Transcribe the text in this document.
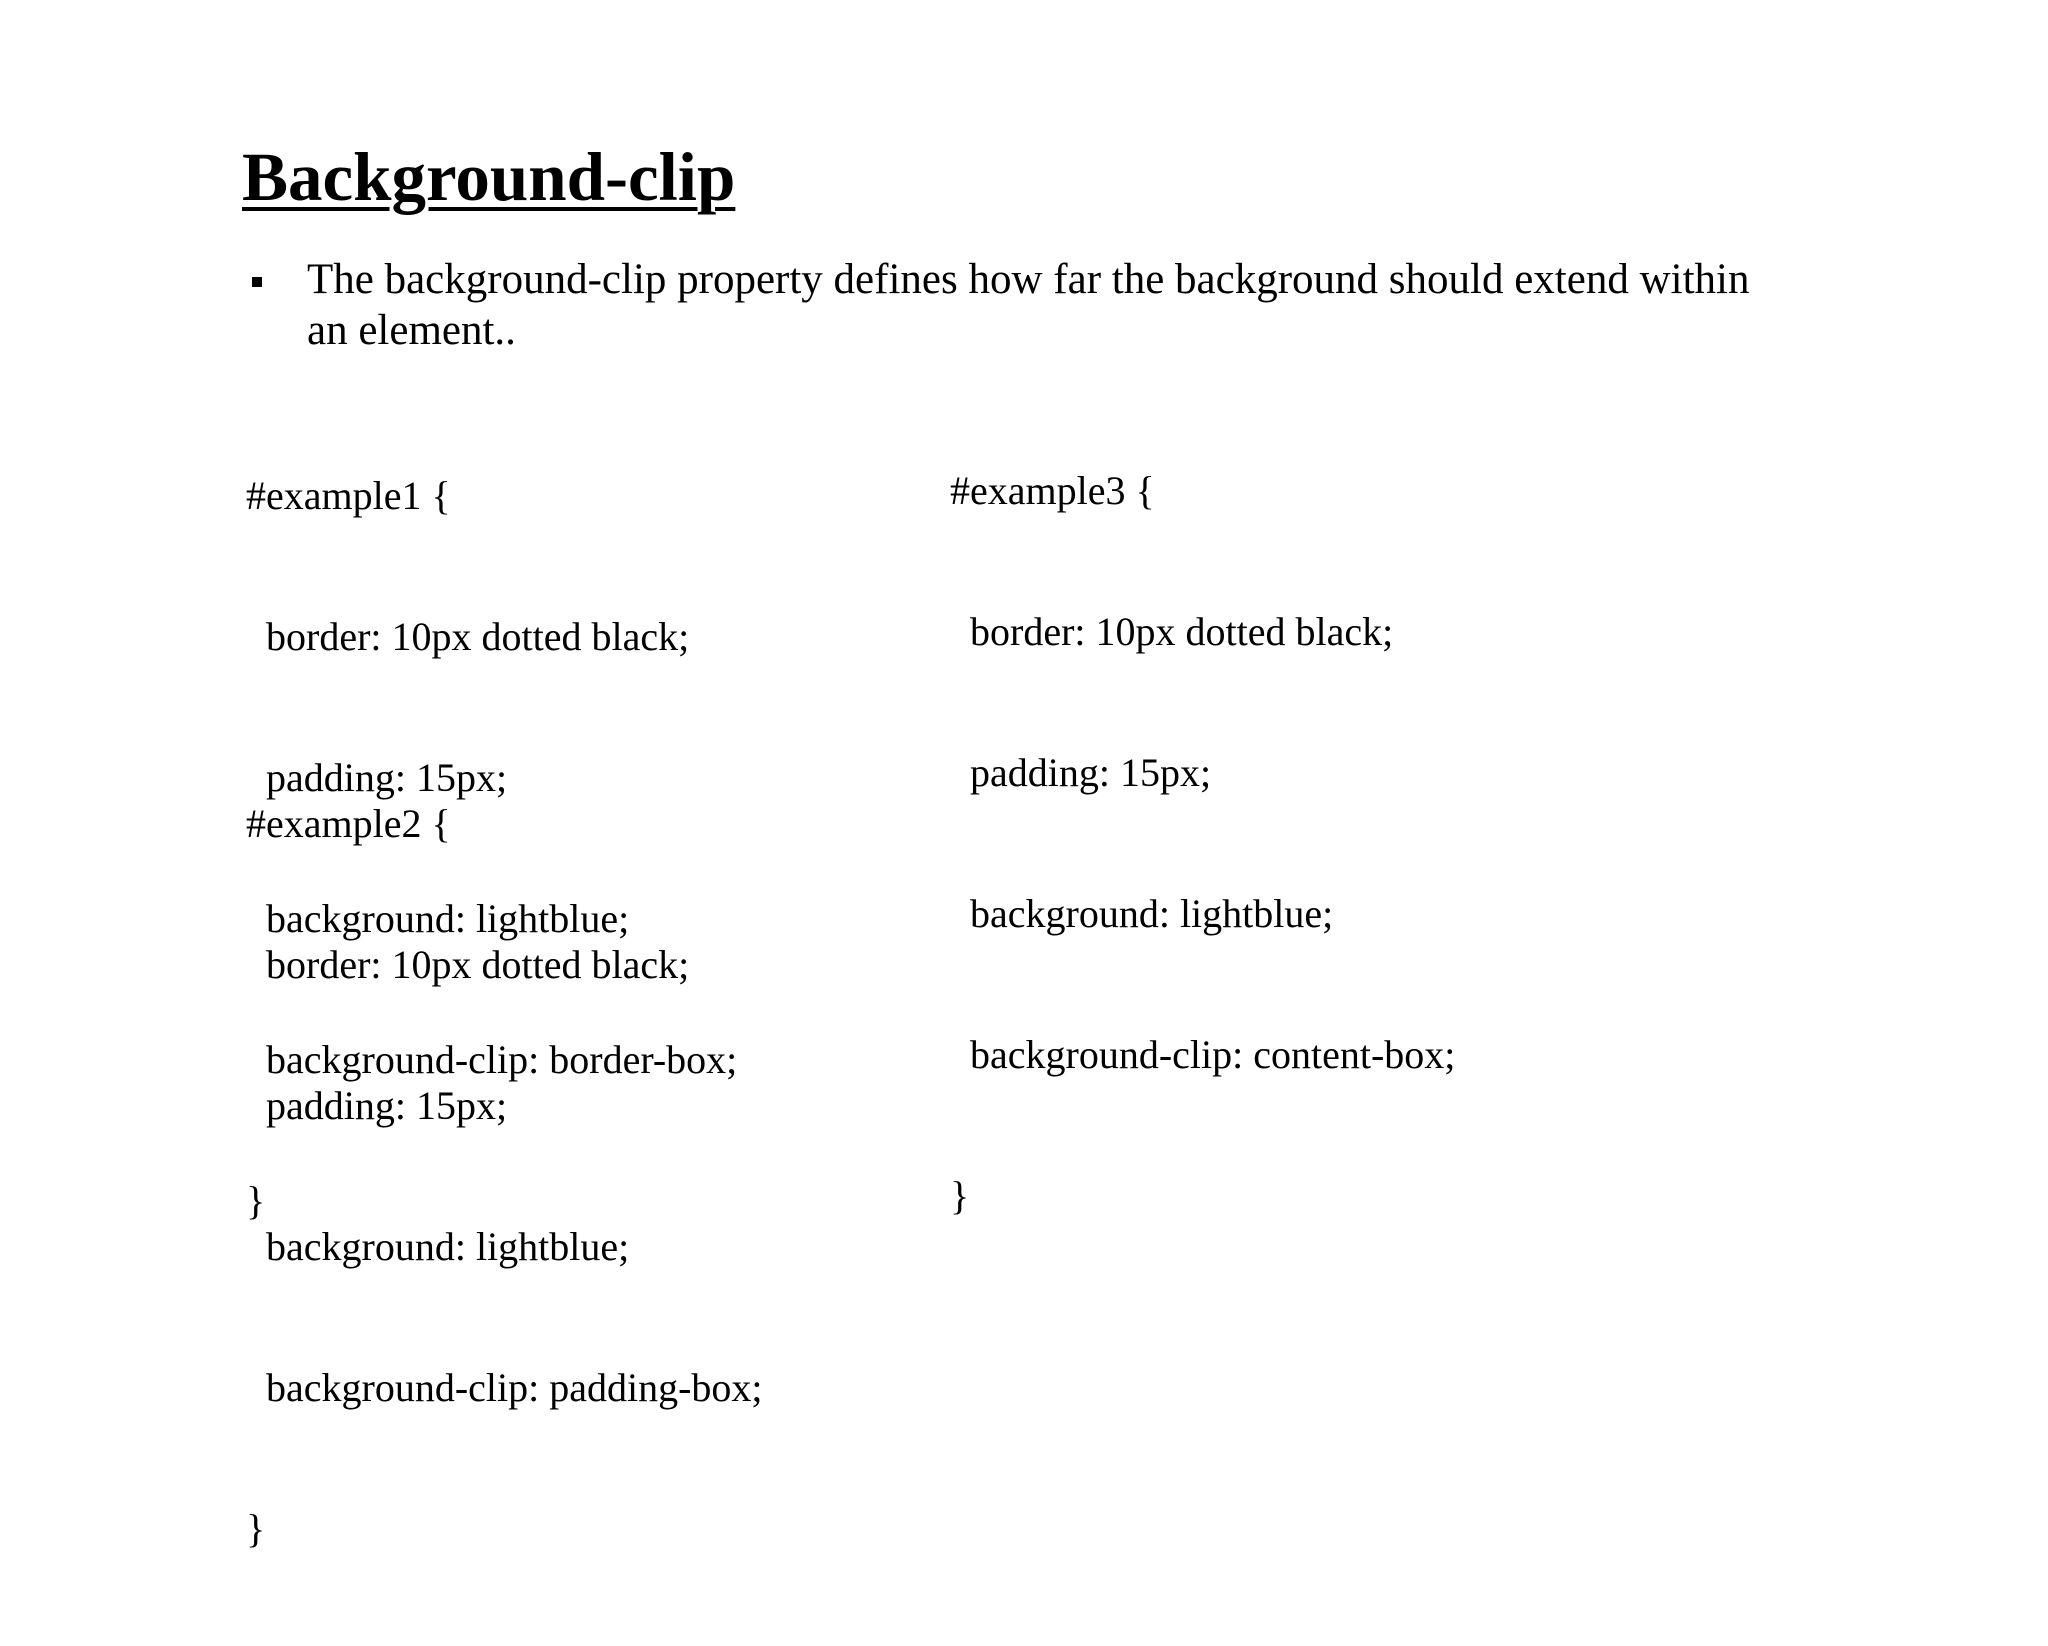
Background-clip
The background-clip property defines how far the background should extend within an element..

#example1 {

border: 10px dotted black;

padding: 15px;

background: lightblue;

background-clip: border-box;

}

#example2 {

border: 10px dotted black;

padding: 15px;

background: lightblue;

background-clip: padding-box;

}

#example3 {

border: 10px dotted black;

padding: 15px;

background: lightblue;

background-clip: content-box;

}
